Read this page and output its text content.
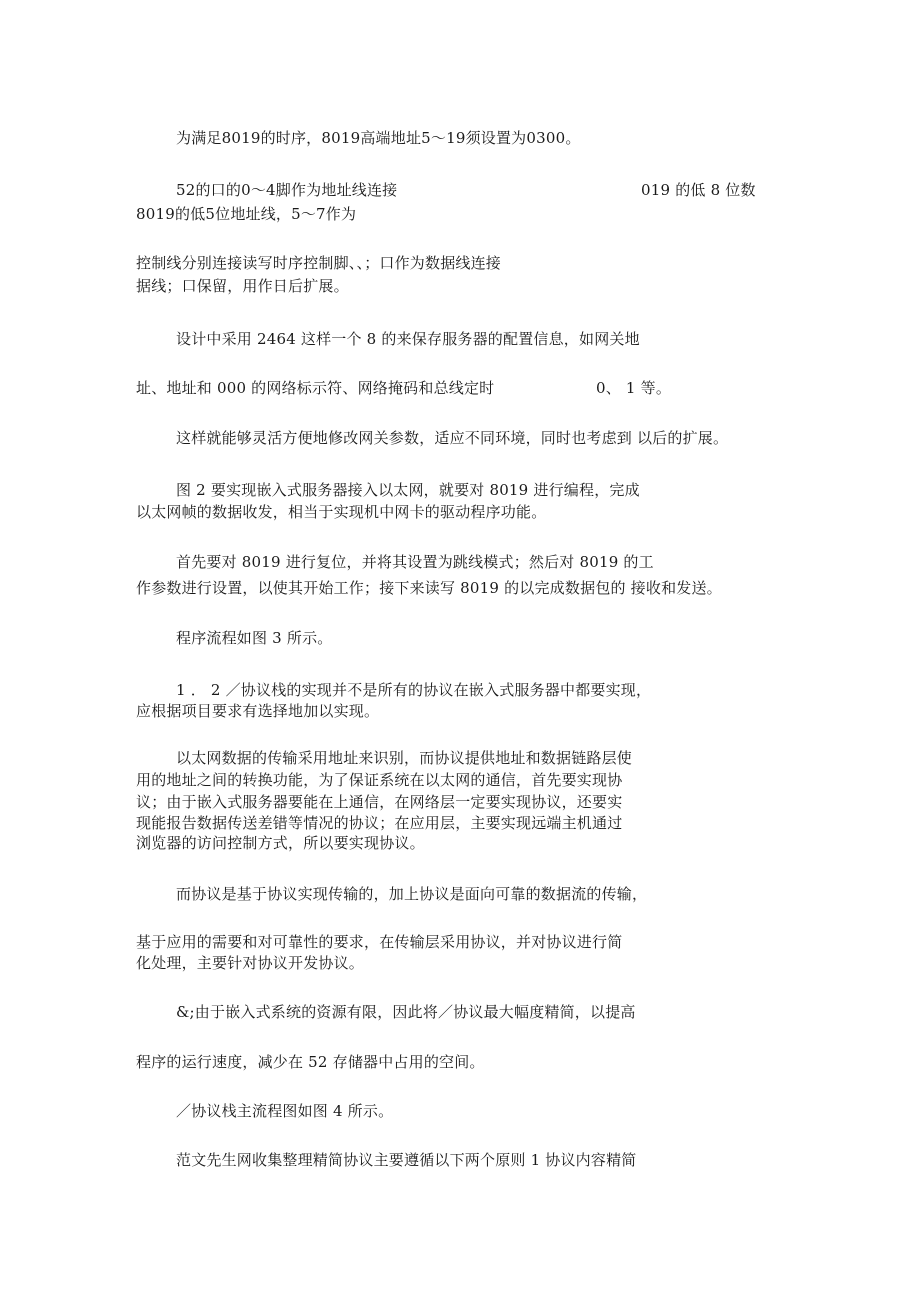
为满足8019的时序，8019高端地址5～19须设置为0300。
52的口的0～4脚作为地址线连接	019 的低 8 位数
8019的低5位地址线，5～7作为
控制线分别连接读写时序控制脚、、；口作为数据线连接
据线；口保留，用作日后扩展。
设计中采用 2464 这样一个 8 的来保存服务器的配置信息，如网关地
址、地址和 000 的网络标示符、网络掩码和总线定时	0、 1 等。
这样就能够灵活方便地修改网关参数，适应不同环境，同时也考虑到 以后的扩展。
图 2 要实现嵌入式服务器接入以太网，就要对 8019 进行编程，完成
以太网帧的数据收发，相当于实现机中网卡的驱动程序功能。
首先要对 8019 进行复位，并将其设置为跳线模式；然后对 8019 的工
作参数进行设置，以使其开始工作；接下来读写 8019 的以完成数据包的 接收和发送。
程序流程如图 3 所示。
1 ． 2 ／协议栈的实现并不是所有的协议在嵌入式服务器中都要实现，
应根据项目要求有选择地加以实现。
以太网数据的传输采用地址来识别，而协议提供地址和数据链路层使
用的地址之间的转换功能，为了保证系统在以太网的通信，首先要实现协
议；由于嵌入式服务器要能在上通信，在网络层一定要实现协议，还要实
现能报告数据传送差错等情况的协议；在应用层，主要实现远端主机通过
浏览器的访问控制方式，所以要实现协议。
而协议是基于协议实现传输的，加上协议是面向可靠的数据流的传输，
基于应用的需要和对可靠性的要求，在传输层采用协议，并对协议进行简
化处理，主要针对协议开发协议。
&;由于嵌入式系统的资源有限，因此将／协议最大幅度精简，以提高
程序的运行速度，减少在 52 存储器中占用的空间。
／协议栈主流程图如图 4 所示。
范文先生网收集整理精简协议主要遵循以下两个原则 1 协议内容精简
